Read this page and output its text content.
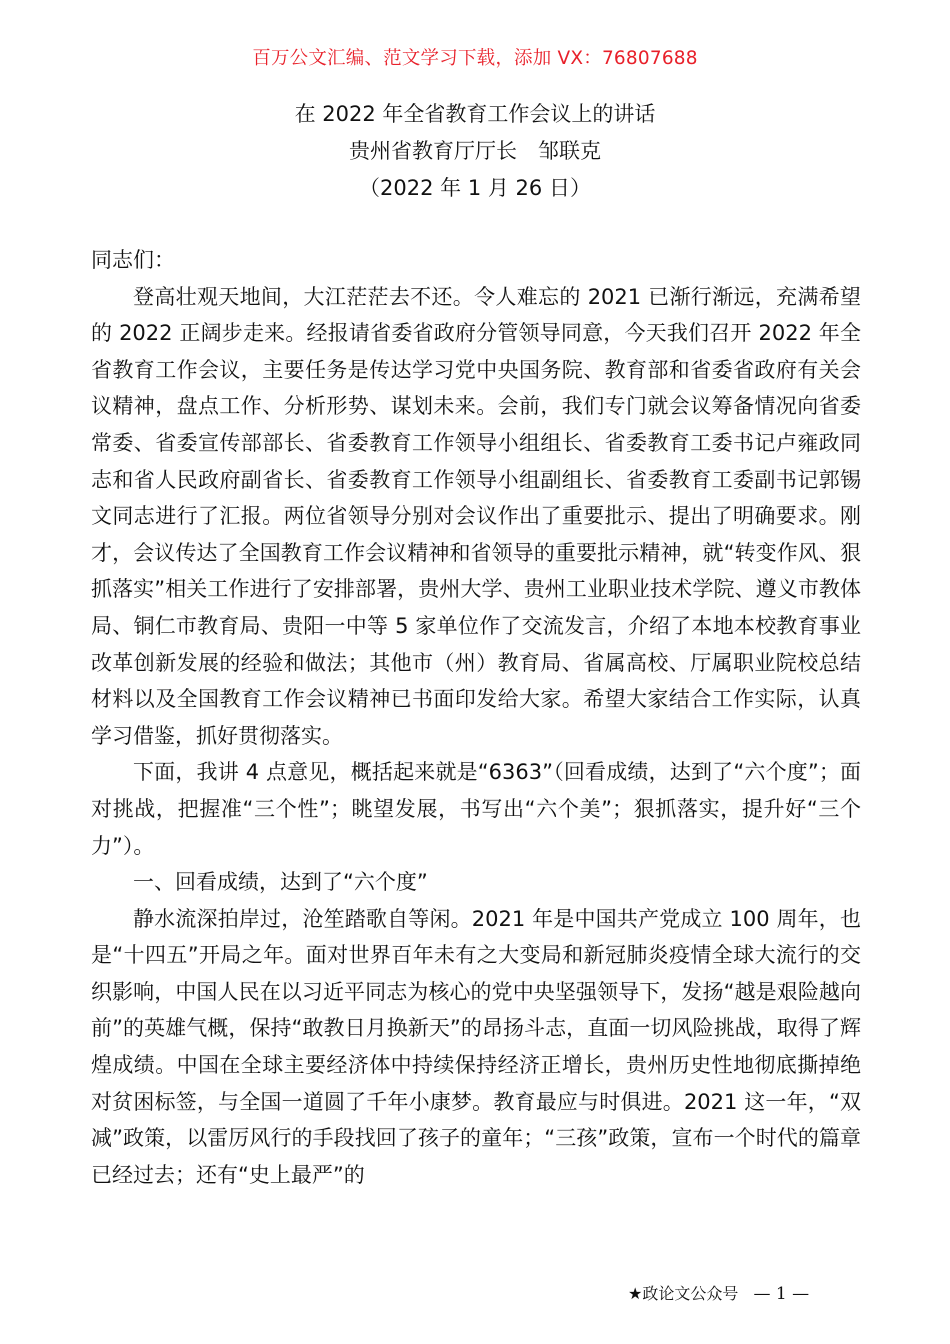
百万公文汇编、范文学习下载，添加 VX：76807688
在 2022 年全省教育工作会议上的讲话
贵州省教育厅厅长　邹联克
（2022 年 1 月 26 日）

同志们：

登高壮观天地间，大江茫茫去不还。令人难忘的 2021 已渐行渐远，充满希望的 2022 正阔步走来。经报请省委省政府分管领导同意，今天我们召开 2022 年全省教育工作会议，主要任务是传达学习党中央国务院、教育部和省委省政府有关会议精神，盘点工作、分析形势、谋划未来。会前，我们专门就会议筹备情况向省委常委、省委宣传部部长、省委教育工作领导小组组长、省委教育工委书记卢雍政同志和省人民政府副省长、省委教育工作领导小组副组长、省委教育工委副书记郭锡文同志进行了汇报。两位省领导分别对会议作出了重要批示、提出了明确要求。刚才，会议传达了全国教育工作会议精神和省领导的重要批示精神，就“转变作风、狠抓落实”相关工作进行了安排部署，贵州大学、贵州工业职业技术学院、遵义市教体局、铜仁市教育局、贵阳一中等 5 家单位作了交流发言，介绍了本地本校教育事业改革创新发展的经验和做法；其他市（州）教育局、省属高校、厅属职业院校总结材料以及全国教育工作会议精神已书面印发给大家。希望大家结合工作实际，认真学习借鉴，抓好贯彻落实。

下面，我讲 4 点意见，概括起来就是“6363”（回看成绩，达到了“六个度”；面对挑战，把握准“三个性”；眺望发展，书写出“六个美”；狠抓落实，提升好“三个力”）。

一、回看成绩，达到了“六个度”

静水流深拍岸过，沧笙踏歌自等闲。2021 年是中国共产党成立 100 周年，也是“十四五”开局之年。面对世界百年未有之大变局和新冠肺炎疫情全球大流行的交织影响，中国人民在以习近平同志为核心的党中央坚强领导下，发扬“越是艰险越向前”的英雄气概，保持“敢教日月换新天”的昂扬斗志，直面一切风险挑战，取得了辉煌成绩。中国在全球主要经济体中持续保持经济正增长，贵州历史性地彻底撕掉绝对贫困标签，与全国一道圆了千年小康梦。教育最应与时俱进。2021 这一年，“双减”政策，以雷厉风行的手段找回了孩子的童年；“三孩”政策，宣布一个时代的篇章已经过去；还有“史上最严”的

★政论文公众号 — 1 —
